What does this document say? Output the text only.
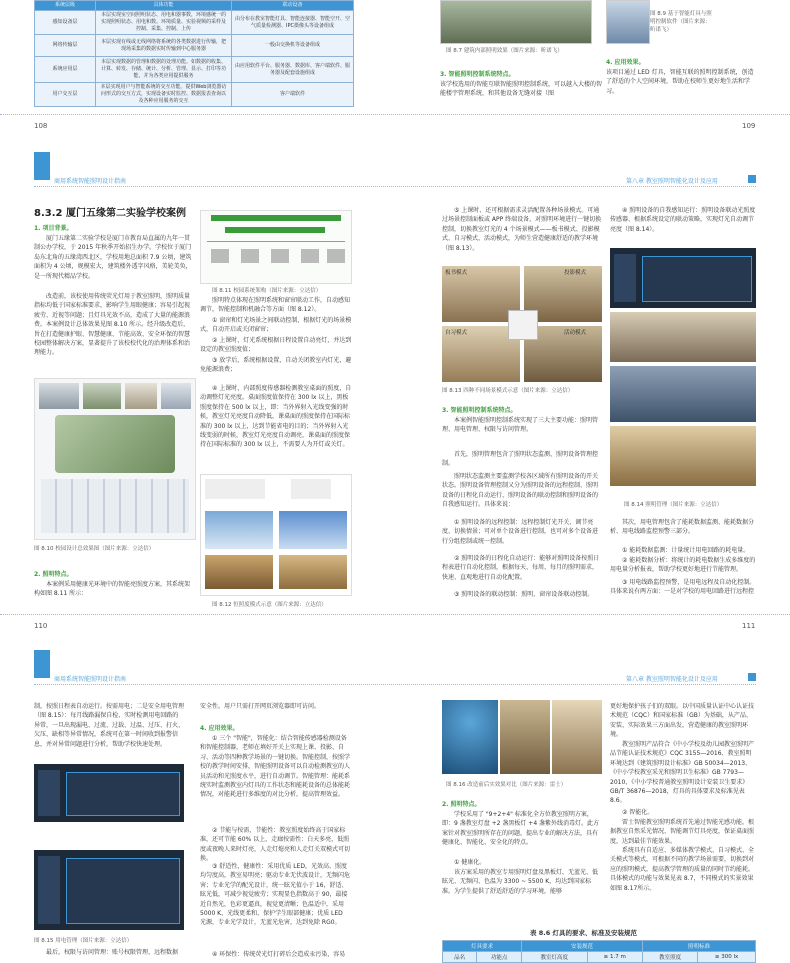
系统层级	具体功能	联动设备
感知设备层	本层实现室空间照明状态、用电和器事数，环境感统一的实现照明状态、用电和数。环境质量、实验视频的采样及控制、采集、控制、上传	由分布在教室智能灯具、智能连接器、智能空开、空气质量检测器、IPC摄像头等设备组成
网络传输层	本层实现有线或无线网络将系统的各类数据进行传输，把现场采集的数据实时传输到中心服务器	一般由交换机等设备组成
系统应用层	本层实现数据的管理和数据的处理功能。如数据的收集、计算、转发、存储、统计、分析、管理、显示、打印等功能，并为各类应用提供服务	由应用软件平台、服务器、数据库、客户端软件、服务器及配套设施组成
用户交互层	本层实现用户与智能系统的交互功能。提供Web浏览器访问形式的交互方式，实现设备实时监控、数据报表查询以及各种应用服务的交互	客户端软件
图 8.7 建筑内部照明效果（图片来源：昕诺飞）
图 8.9 基于智能灯具与照明控制软件（图片来源：昕诺飞）
3. 智能照明控制系统特点。
该学校选用的智能互联智能照明控制系统，可以越入大楼的智能楼宇管理系统，和其他设备无缝对接（图
4. 应用效果。
该项目通过 LED 灯具，智能互联的照明控制系统，创造了舒适的个人空间环境，帮助在校师生更好地生活和学习。
108	109
商用系统智能照明设计指南	第八章 教室照明智能化设计及应用
8.3.2 厦门五缘第二实验学校案例
1. 项目背景。
厦门五缘第二实验学校是厦门市教育局直属的九年一贯制公办学校，于 2015 年秋季开始招生办学。学校位于厦门岛东北角的五缘湾西北区，学校用地总面积 7.9 公顷，建筑面积为 4 公顷，规模宏大，建筑楼外透字风格，美轮美奂，是一所现代精品学校。
改造前，该校使用传统荧光灯用于教室照明，照明质量指标均低于国家标准要求，影响学生用眼健康；容易引起视疲劳、近视等问题；且灯具光效不高，造成了大量的能源浪费。本案例设计总体效果见图 8.10 所示。经升级改造后，旨在打造健康护眼、智慧健康、节能高效、安全环保的智慧校园整体解决方案，显著提升了该校校代化的治理体系和治理能力。
图 8.10 校园设计总效果图（图片来源：立达信）
2. 照明特点。
本案例采用健康光环境中的智能亮照度方案，其系统架构如图 8.11 所示：
图 8.11 校园系统架构（图片来源：立达信）
照明特点体现在照明系统和窗帘联动工作，自动感知调节，智能控制和机融合等方面（图 8.12）。
① 窗帘和灯光场景之间联动控制，根据灯光的场景模式，自动开启或关闭窗帘；
② 上课时，灯光系统根据日程设置自动亮灯，并达到设定的教室照度值；
③ 放学后，系统根据设置，自动关闭教室内灯光，避免能源浪费；
④ 上课时，内部照度传感器检测教室桌面的照度，自动调整灯光亮度。桌面照度值保持在 300 lx 以上，黑板照度保持在 500 lx 以上，即：当外界射入光线变强的时候，教室灯光亮度自动降低，课桌面的照度保持在国际标准的 300 lx 以上，达到节能省电的目的；当外界射入光线变弱的时候，教室灯光亮度自动调亮，课桌面的照度保持在国际标准的 300 lx 以上，不需要人为开灯或关灯。
图 8.12 恒照度模式示意（图片来源：立达信）
⑤ 上课时，还可根据需求灵活配置各种场景模式。可通过场景控制面板或 APP 终端设备，对照明环境进行一键切换控制，切换教室灯光的 4 个场景模式——板书模式、投影模式、自习模式、活动模式，为师生营造健康舒适的教学环境（图 8.13）。
板书模式	投影模式
自习模式	活动模式
图 8.13 四种不同场景模式示意（图片来源：立达信）
3. 智能照明控制系统特点。
本案例智能照明控制系统实现了三大主要功能：照明管理、用电管理、权限与访问管理。
首先，照明管理包含了照明状态监测、照明设备管理控制。
照明状态监测主要监测学校各区域所有照明设备的开关状态。照明设备管理控制又分为照明设备的远程控制、照明设备的日程化自动运行、照明设备的联动控制和照明设备的自我感知运行。具体来说：
① 照明设备的远程控制：远程控制灯光开关、调节亮度、切换情景；可对单个设备进行控制，也可对多个设备进行分组控制或统一控制。
② 照明设备的日程化自动运行：能够对照明设备按照日程表进行自动化控制，根据每天、每周、每月的照明需求，快速、直观地进行自动化配置。
③ 照明设备的联动控制：照明、窗帘设备联动控制。
④ 照明设备的自我感知运行：照明设备联动光照度传感器、根据系统设定的联动策略，实现灯光自动调节亮度（图 8.14）。
图 8.14 照明管理（图片来源：立达信）
其次，用电管理包含了能耗数据监测、能耗数据分析、用电线路监控预警三部分。
① 能耗数据监测：计量统计用电回路的耗电量。
② 能耗数据分析：将统计的耗电数据生成多维度的用电量分析报表，帮助学校更好地进行节能管理。
③ 用电线路监控预警，是用电远程及自动化控制。具体来说有两方面：一是对学校的用电回路进行远程控
110	111
商用系统智能照明设计指南	第八章 教室照明智能化设计及应用
制，按照日程表自动运行。按需用电；二是安全用电管理（图 8.15）：每月线路漏保自检、实时检测用电回路的异常，一旦出现漏电、过流、过载、过温、过压、打火、欠压、缺相等异常情况，系统可在第一时间收到报警信息，并对异常问题进行分析，帮助学校快速处理。
图 8.15 用电管理（图片来源：立达信）
最后，权限与访问管理：账号权限管理、远程数据
安全性。用户只需打开网页浏览器即可访问。
4. 应用效果。
① 三个 "智能"，智能化：结合智能传感器检测设备和智能控制器，老师在填好开关上实现上课、投影、自习、活动等四种教学场景的一键切换。智能控制，按照学校的教学时间安排，智能照明设备可以自动检测教室的人员活动和光照度水平，进行自动调节。智能管理：能耗系统实时监测教室内灯具的工作状态和能耗设备的总体能耗情况，对能耗进行多维度的对比分析，提高管理效益。
② 节能与按需，节能性：教室照度始终高于国家标准，还可节能 60% 以上，走廊按需性：白天多亮，低照度或夜晚人来时灯亮，人走灯熄亮和人走灯关双模式可切换。
③ 舒适性，健康性：采用优质 LED，光效高、照度均匀度高，教室易明亮；驱动专业无伏波设计，无频闪危害；专业光学的配光设计，统一眩光值小于 16，舒适、眩光低，可减少视觉疲劳；实现显色指数高于 90，最接近自然光，色彩更逼真，视觉更清晰；色温适中，采用 5000 K，光线更柔和，保护学生眼部健康；优质 LED 光源，专业光学设计，无蓝光危害，达到免除 RG0。
④ 环保性：传统荧光灯打碎后会造成汞污染，容易
图 8.16 改造前后实效果对比（图片来源：雷士）
2. 照明特点。
学校采用了 "9+2+4" 标准化全方位教室照明方案，即：9 盏教室灯盘 +2 盏黑板灯 +4 盏紫外线消毒灯。此方案针对教室照明所存在的问题，提出专业的解决方法，具有健康化、智能化、安全化的特点。
① 健康化。
该方案采用的教室专用照明灯盘及黑板灯，无蓝光、低眩光、无频闪、色温为 3300 ~ 5500 K，均达到国家标准。为学生提供了舒适舒适的学习环境，能够
更好地保护孩子们的双眼。以中国质量认证中心认证技术规范（CQC）和国家标准（GB）为基础，从产品、安装、实际效果三方面出发，营造健康的教室照明环境。
教室照明产品符合《中小学校及幼儿园教室照明产品节能认证技术规范》CQC 3155—2016、教室照明环境达到《建筑照明设计标准》GB 50034—2013、《中小学校教室采光和照明卫生标准》GB 7793—2010、《中小学校普通教室照明设计安装卫生要求》GB/T 36876—2018，灯具的具体要求及标准见表 8.6。
② 智能化。
雷士智能教室照明系统首先通过智能光感功能，根据教室自然采光情况、智能调节灯具亮度，保证桌面照度，达到最佳节能效果。
系统具有自适应、多媒体教学模式、自习模式、全关模式等模式，可根据不同的教学场景需要，切换到对应的照明模式，提高教学管理的质量的同时节约能耗。具体模式的功能与效果见表 8.7，不同模式的实景效果如图 8.17所示。
表 8.6 灯具的要求、标准及安装规范
灯具要求		安装规范		照明标准	
品名	功能点	教室灯高度	≥ 1.7 m	教室照度	≥ 300 lx
